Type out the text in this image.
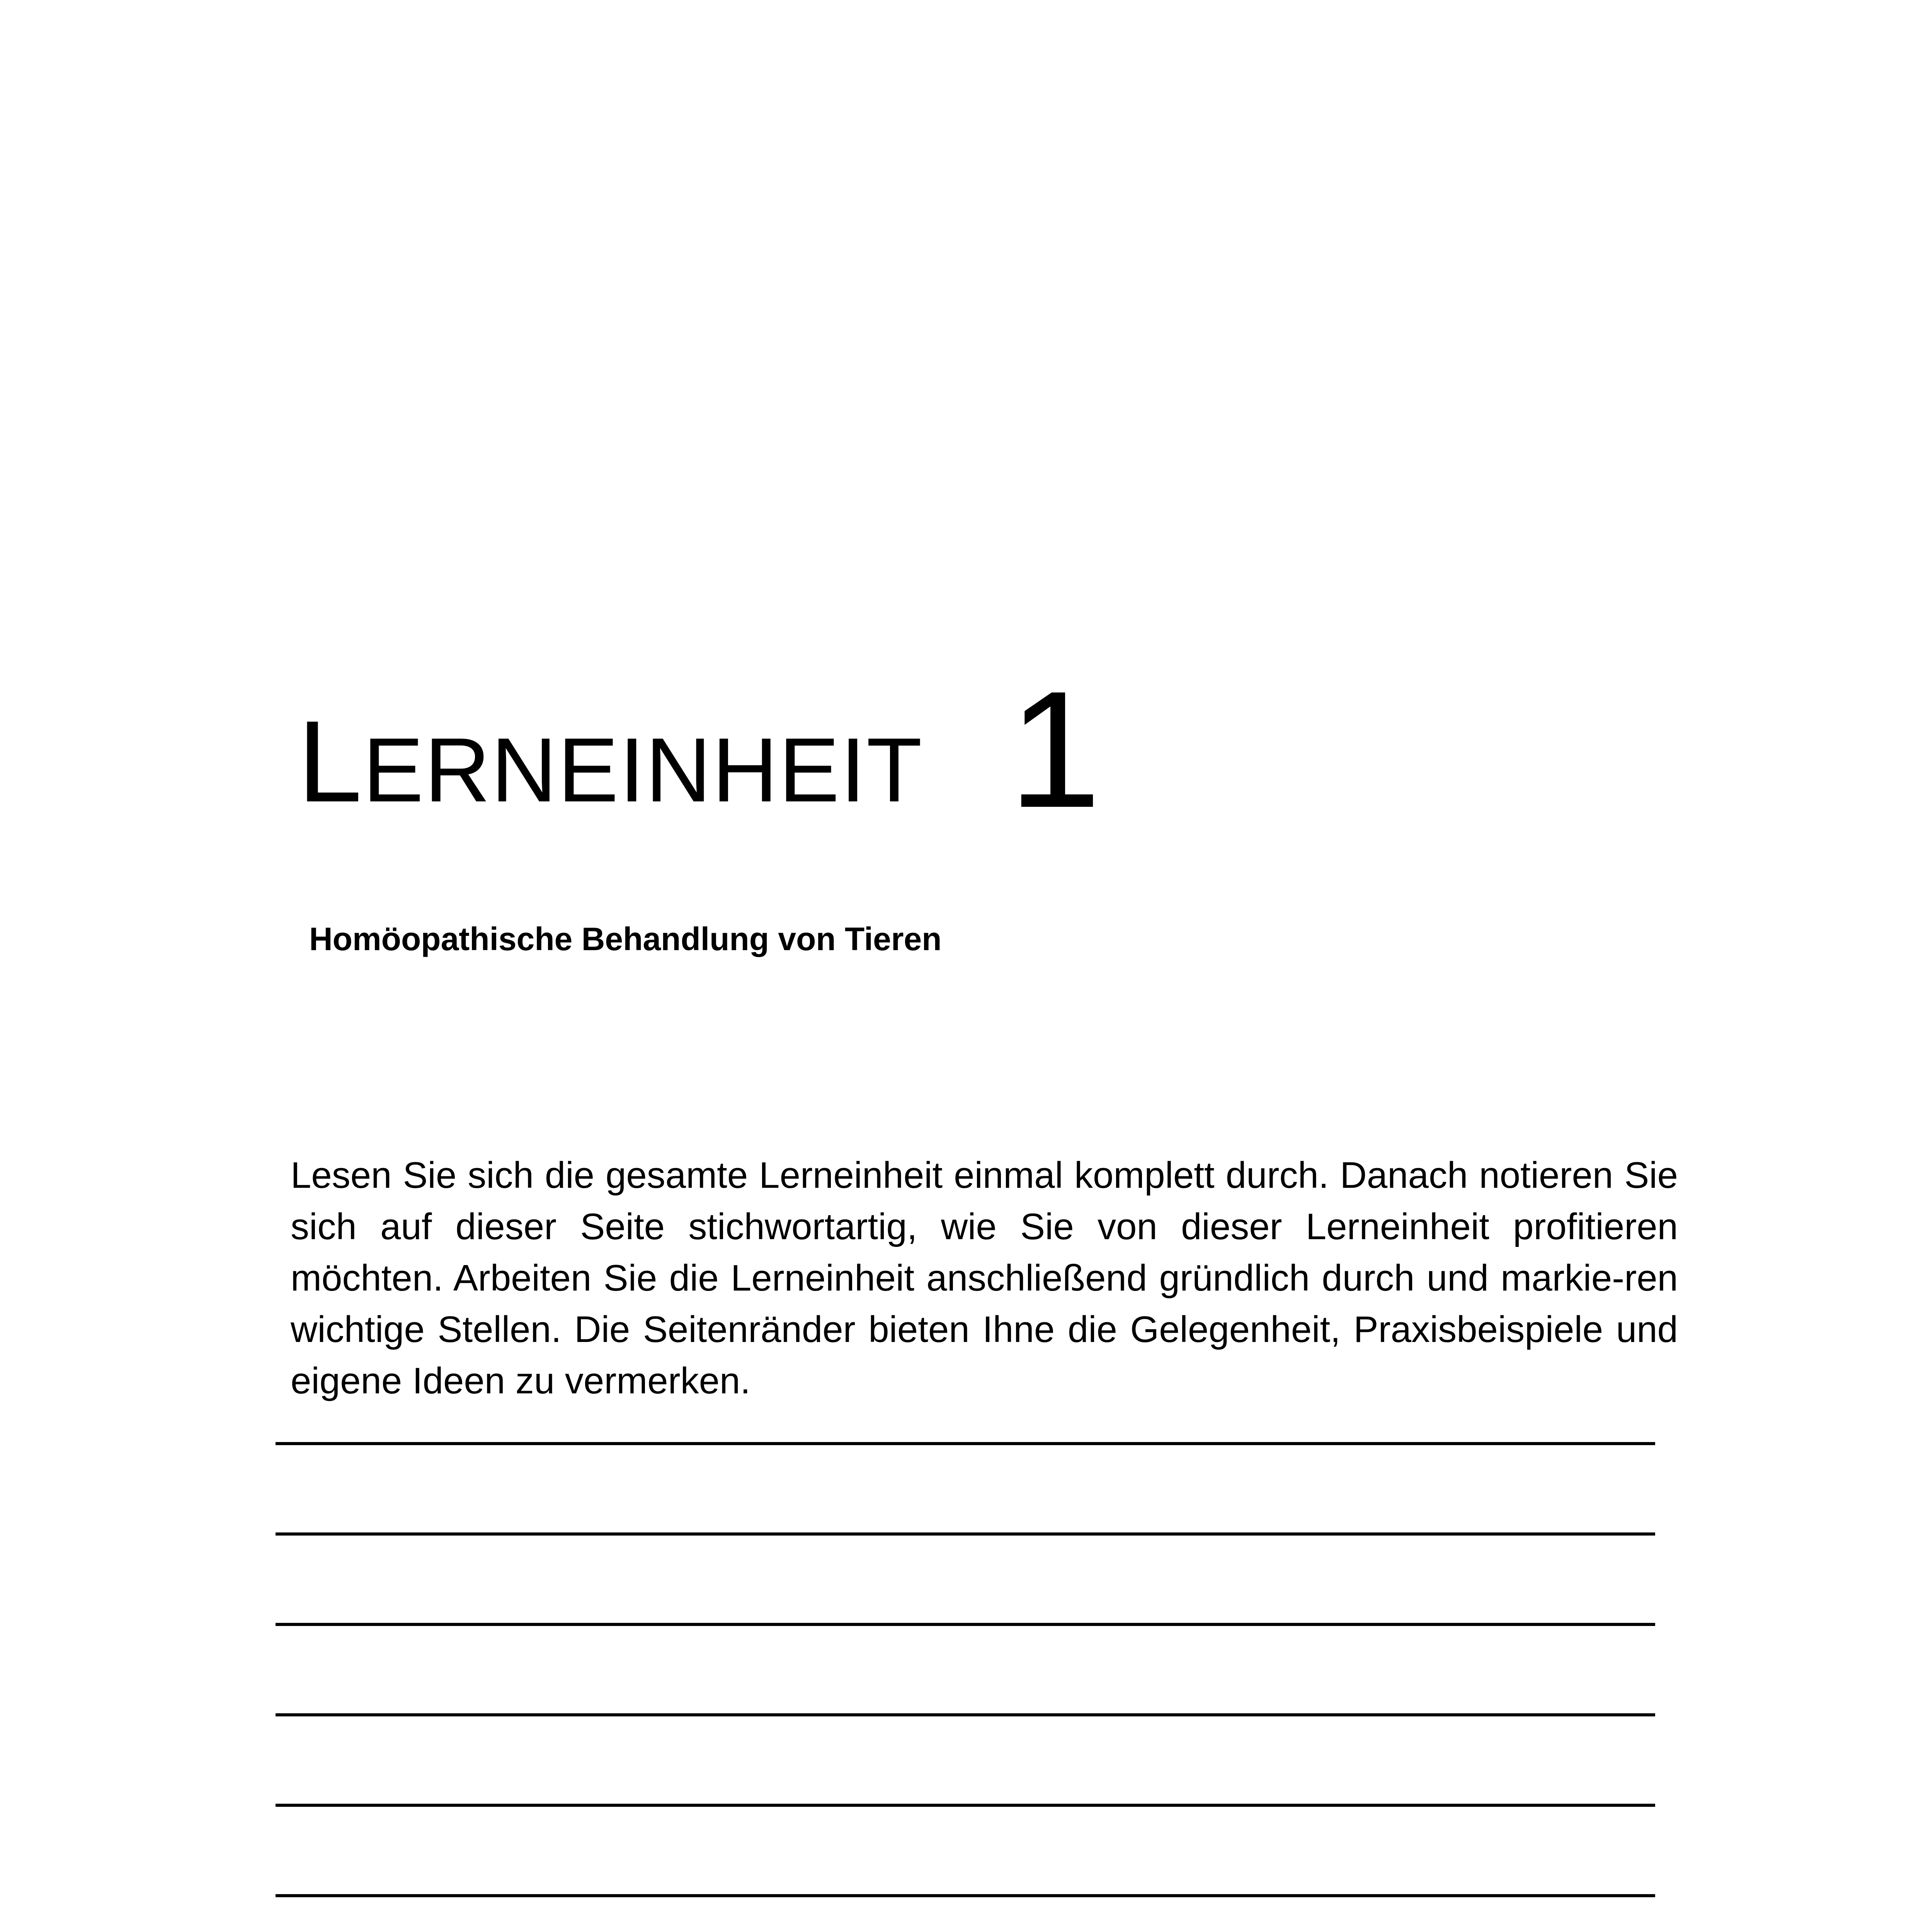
LERNEINHEIT 1
Homöopathische Behandlung von Tieren

Lesen Sie sich die gesamte Lerneinheit einmal komplett durch. Danach notieren Sie sich auf dieser Seite stichwortartig, wie Sie von dieser Lerneinheit profitieren möchten. Arbeiten Sie die Lerneinheit anschließend gründlich durch und markie-ren wichtige Stellen. Die Seitenränder bieten Ihne die Gelegenheit, Praxisbeispiele und eigene Ideen zu vermerken.
